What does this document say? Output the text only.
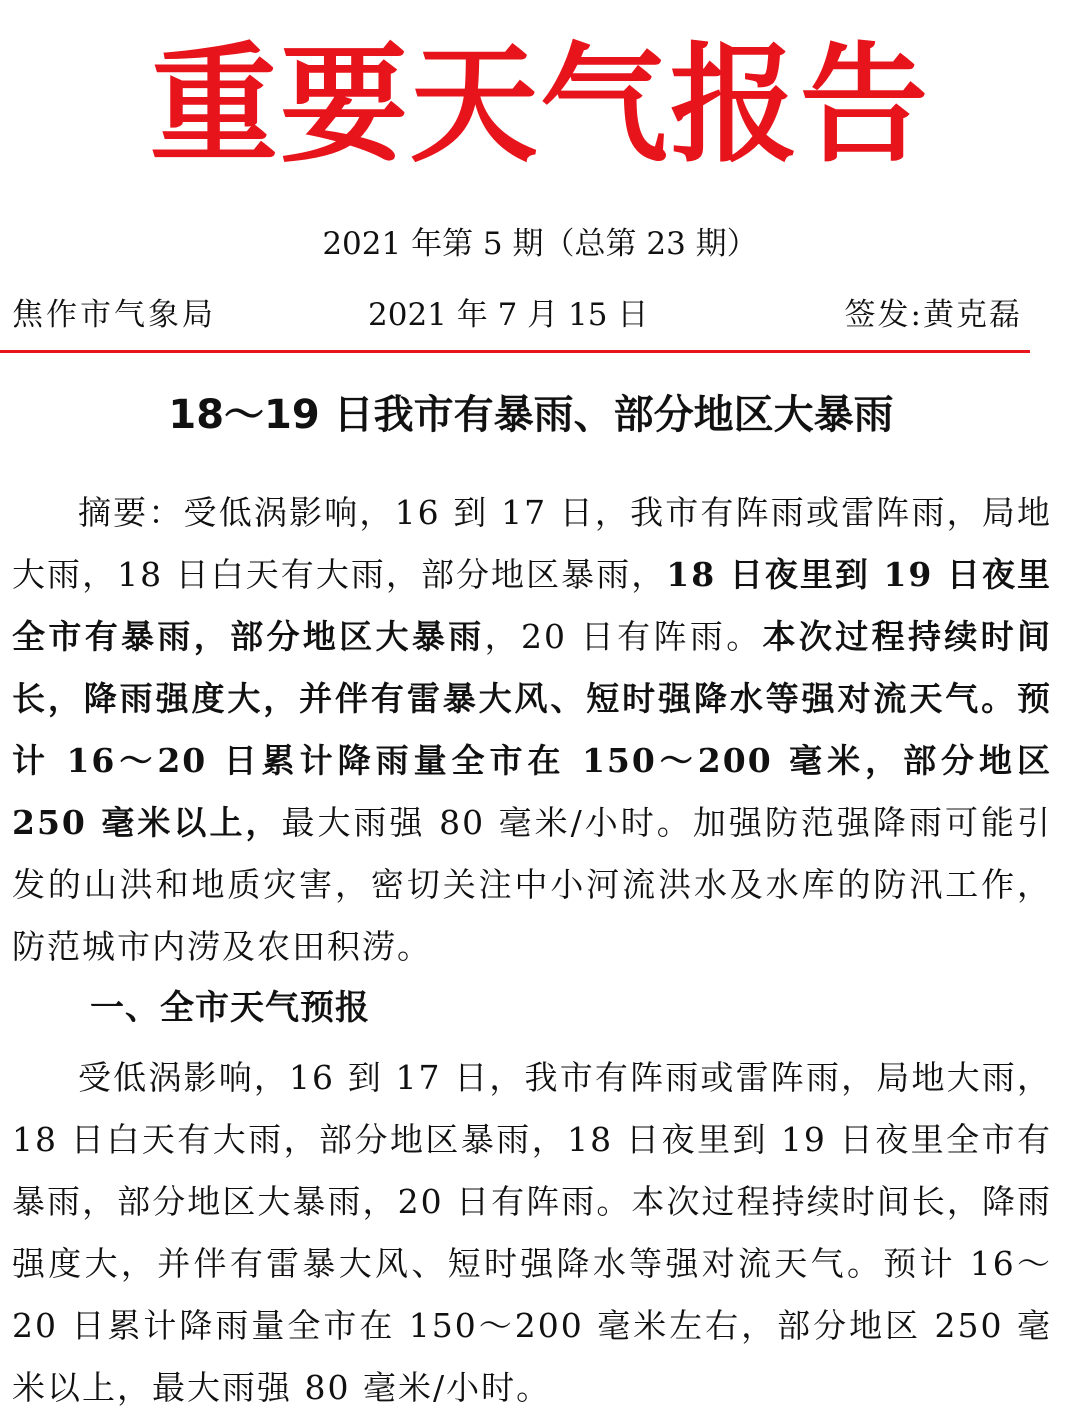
重要天气报告
2021 年第 5 期（总第 23 期）
焦作市气象局	2021 年 7 月 15 日	签发:黄克磊
18～19 日我市有暴雨、部分地区大暴雨

摘要：受低涡影响，16 到 17 日，我市有阵雨或雷阵雨，局地大雨，18 日白天有大雨，部分地区暴雨，18 日夜里到 19 日夜里全市有暴雨，部分地区大暴雨，20 日有阵雨。本次过程持续时间长，降雨强度大，并伴有雷暴大风、短时强降水等强对流天气。预计 16～20 日累计降雨量全市在 150～200 毫米，部分地区 250 毫米以上，最大雨强 80 毫米/小时。加强防范强降雨可能引发的山洪和地质灾害，密切关注中小河流洪水及水库的防汛工作，防范城市内涝及农田积涝。

一、全市天气预报

受低涡影响，16 到 17 日，我市有阵雨或雷阵雨，局地大雨，18 日白天有大雨，部分地区暴雨，18 日夜里到 19 日夜里全市有暴雨，部分地区大暴雨，20 日有阵雨。本次过程持续时间长，降雨强度大，并伴有雷暴大风、短时强降水等强对流天气。预计 16～20 日累计降雨量全市在 150～200 毫米左右，部分地区 250 毫米以上，最大雨强 80 毫米/小时。
